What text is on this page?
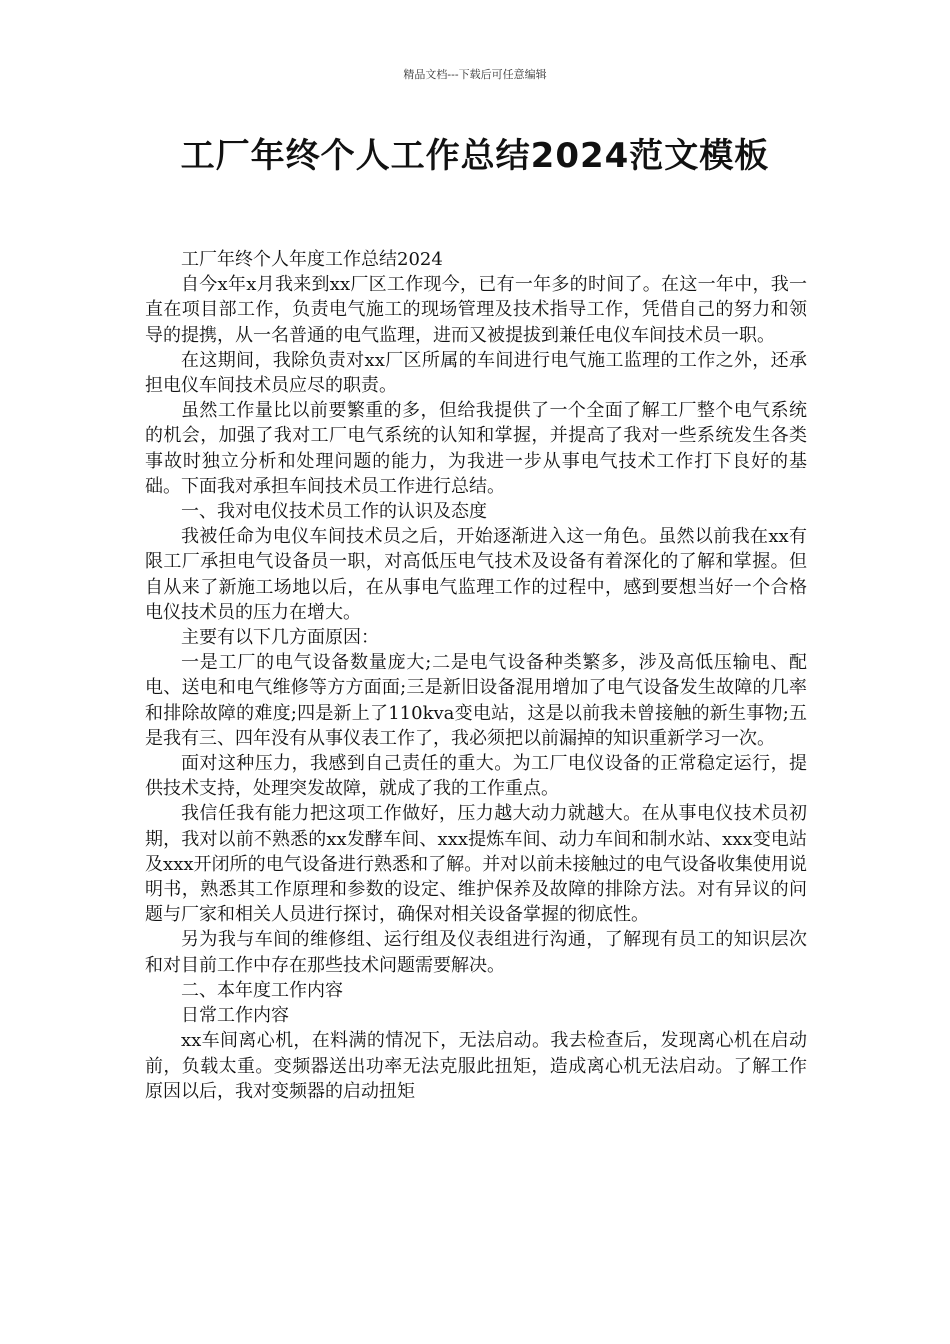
精品文档---下载后可任意编辑
工厂年终个人工作总结2024范文模板

工厂年终个人年度工作总结2024

自今x年x月我来到xx厂区工作现今，已有一年多的时间了。在这一年中，我一直在项目部工作，负责电气施工的现场管理及技术指导工作，凭借自己的努力和领导的提携，从一名普通的电气监理，进而又被提拔到兼任电仪车间技术员一职。

在这期间，我除负责对xx厂区所属的车间进行电气施工监理的工作之外，还承担电仪车间技术员应尽的职责。

虽然工作量比以前要繁重的多，但给我提供了一个全面了解工厂整个电气系统的机会，加强了我对工厂电气系统的认知和掌握，并提高了我对一些系统发生各类事故时独立分析和处理问题的能力，为我进一步从事电气技术工作打下良好的基础。下面我对承担车间技术员工作进行总结。

一、我对电仪技术员工作的认识及态度

我被任命为电仪车间技术员之后，开始逐渐进入这一角色。虽然以前我在xx有限工厂承担电气设备员一职，对高低压电气技术及设备有着深化的了解和掌握。但自从来了新施工场地以后，在从事电气监理工作的过程中，感到要想当好一个合格电仪技术员的压力在增大。

主要有以下几方面原因：

一是工厂的电气设备数量庞大;二是电气设备种类繁多，涉及高低压输电、配电、送电和电气维修等方方面面;三是新旧设备混用增加了电气设备发生故障的几率和排除故障的难度;四是新上了110kva变电站，这是以前我未曾接触的新生事物;五是我有三、四年没有从事仪表工作了，我必须把以前漏掉的知识重新学习一次。

面对这种压力，我感到自己责任的重大。为工厂电仪设备的正常稳定运行，提供技术支持，处理突发故障，就成了我的工作重点。

我信任我有能力把这项工作做好，压力越大动力就越大。在从事电仪技术员初期，我对以前不熟悉的xx发酵车间、xxx提炼车间、动力车间和制水站、xxx变电站及xxx开闭所的电气设备进行熟悉和了解。并对以前未接触过的电气设备收集使用说明书，熟悉其工作原理和参数的设定、维护保养及故障的排除方法。对有异议的问题与厂家和相关人员进行探讨，确保对相关设备掌握的彻底性。

另为我与车间的维修组、运行组及仪表组进行沟通，了解现有员工的知识层次和对目前工作中存在那些技术问题需要解决。

二、本年度工作内容

日常工作内容

xx车间离心机，在料满的情况下，无法启动。我去检查后，发现离心机在启动前，负载太重。变频器送出功率无法克服此扭矩，造成离心机无法启动。了解工作原因以后，我对变频器的启动扭矩
